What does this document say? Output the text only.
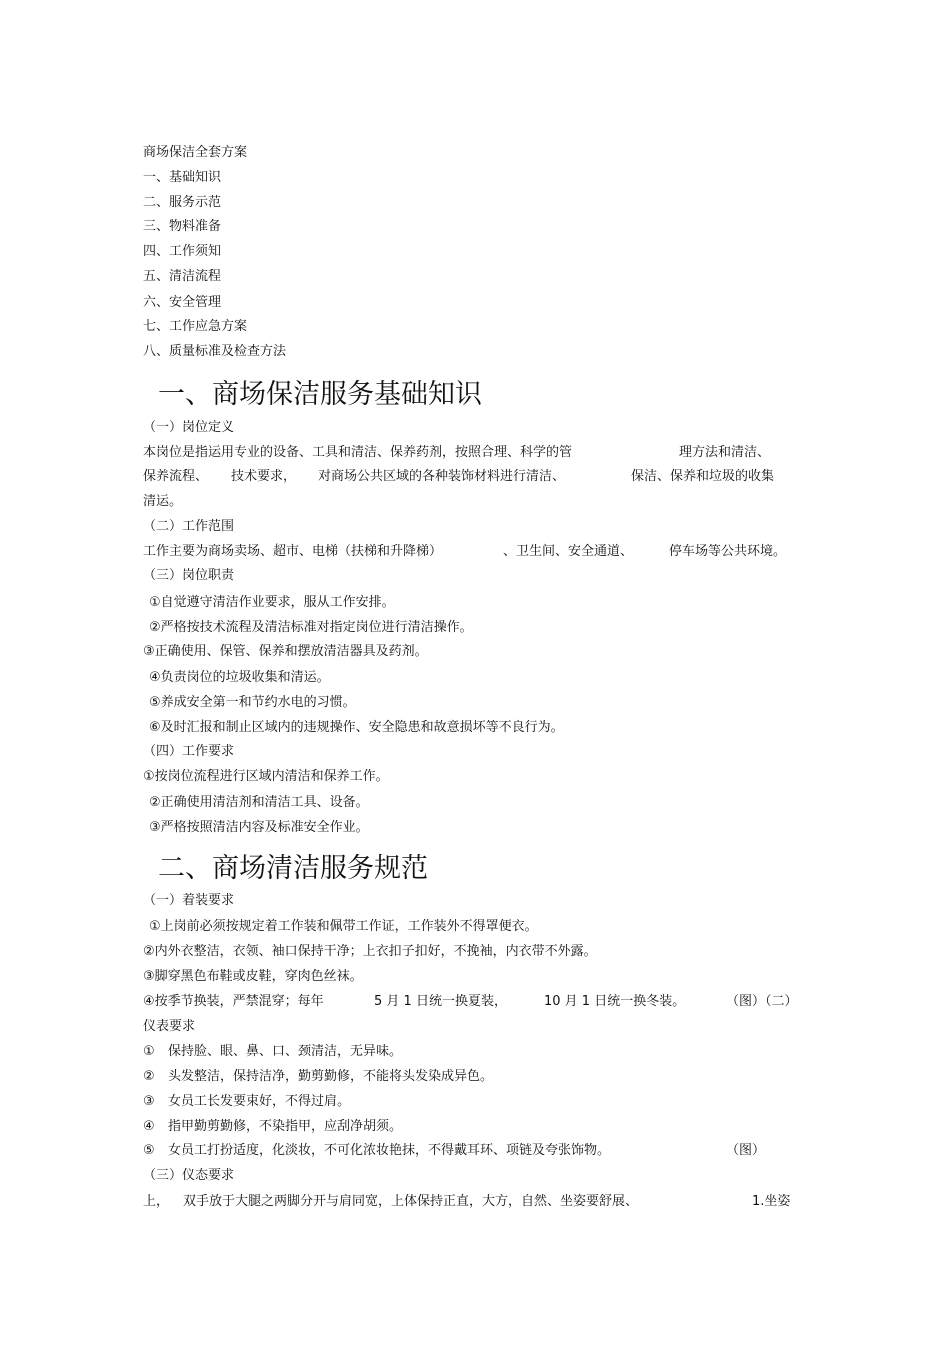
商场保洁全套方案
一、基础知识
二、服务示范
三、物料准备
四、工作须知
五、清洁流程
六、安全管理
七、工作应急方案
八、质量标准及检查方法
一、商场保洁服务基础知识
（一）岗位定义
本岗位是指运用专业的设备、工具和清洁、保养药剂，按照合理、科学的管	理方法和清洁、
保养流程、 技术要求， 对商场公共区域的各种装饰材料进行清洁、	保洁、保养和垃圾的收集
清运。
（二）工作范围
工作主要为商场卖场、超市、电梯（扶梯和升降梯）	、卫生间、安全通道、	停车场等公共环境。
（三）岗位职责
①自觉遵守清洁作业要求，服从工作安排。
②严格按技术流程及清洁标准对指定岗位进行清洁操作。
③正确使用、保管、保养和摆放清洁器具及药剂。
④负责岗位的垃圾收集和清运。
⑤养成安全第一和节约水电的习惯。
⑥及时汇报和制止区域内的违规操作、安全隐患和故意损坏等不良行为。
（四）工作要求
①按岗位流程进行区域内清洁和保养工作。
②正确使用清洁剂和清洁工具、设备。
③严格按照清洁内容及标准安全作业。
二、商场清洁服务规范
（一）着装要求
①上岗前必须按规定着工作装和佩带工作证，工作装外不得罩便衣。
②内外衣整洁，衣领、袖口保持干净；上衣扣子扣好，不挽袖，内衣带不外露。
③脚穿黑色布鞋或皮鞋，穿肉色丝袜。
④按季节换装，严禁混穿；每年	5 月 1 日统一换夏装，	10 月 1 日统一换冬装。	（图）（二）
仪表要求
① 保持脸、眼、鼻、口、颈清洁，无异味。
② 头发整洁，保持洁净，勤剪勤修，不能将头发染成异色。
③ 女员工长发要束好，不得过肩。
④ 指甲勤剪勤修，不染指甲，应刮净胡须。
⑤ 女员工打扮适度，化淡妆，不可化浓妆艳抹，不得戴耳环、项链及夸张饰物。	（图）
（三）仪态要求
上， 双手放于大腿之两脚分开与肩同宽，上体保持正直，大方，自然、坐姿要舒展、	1.坐姿
